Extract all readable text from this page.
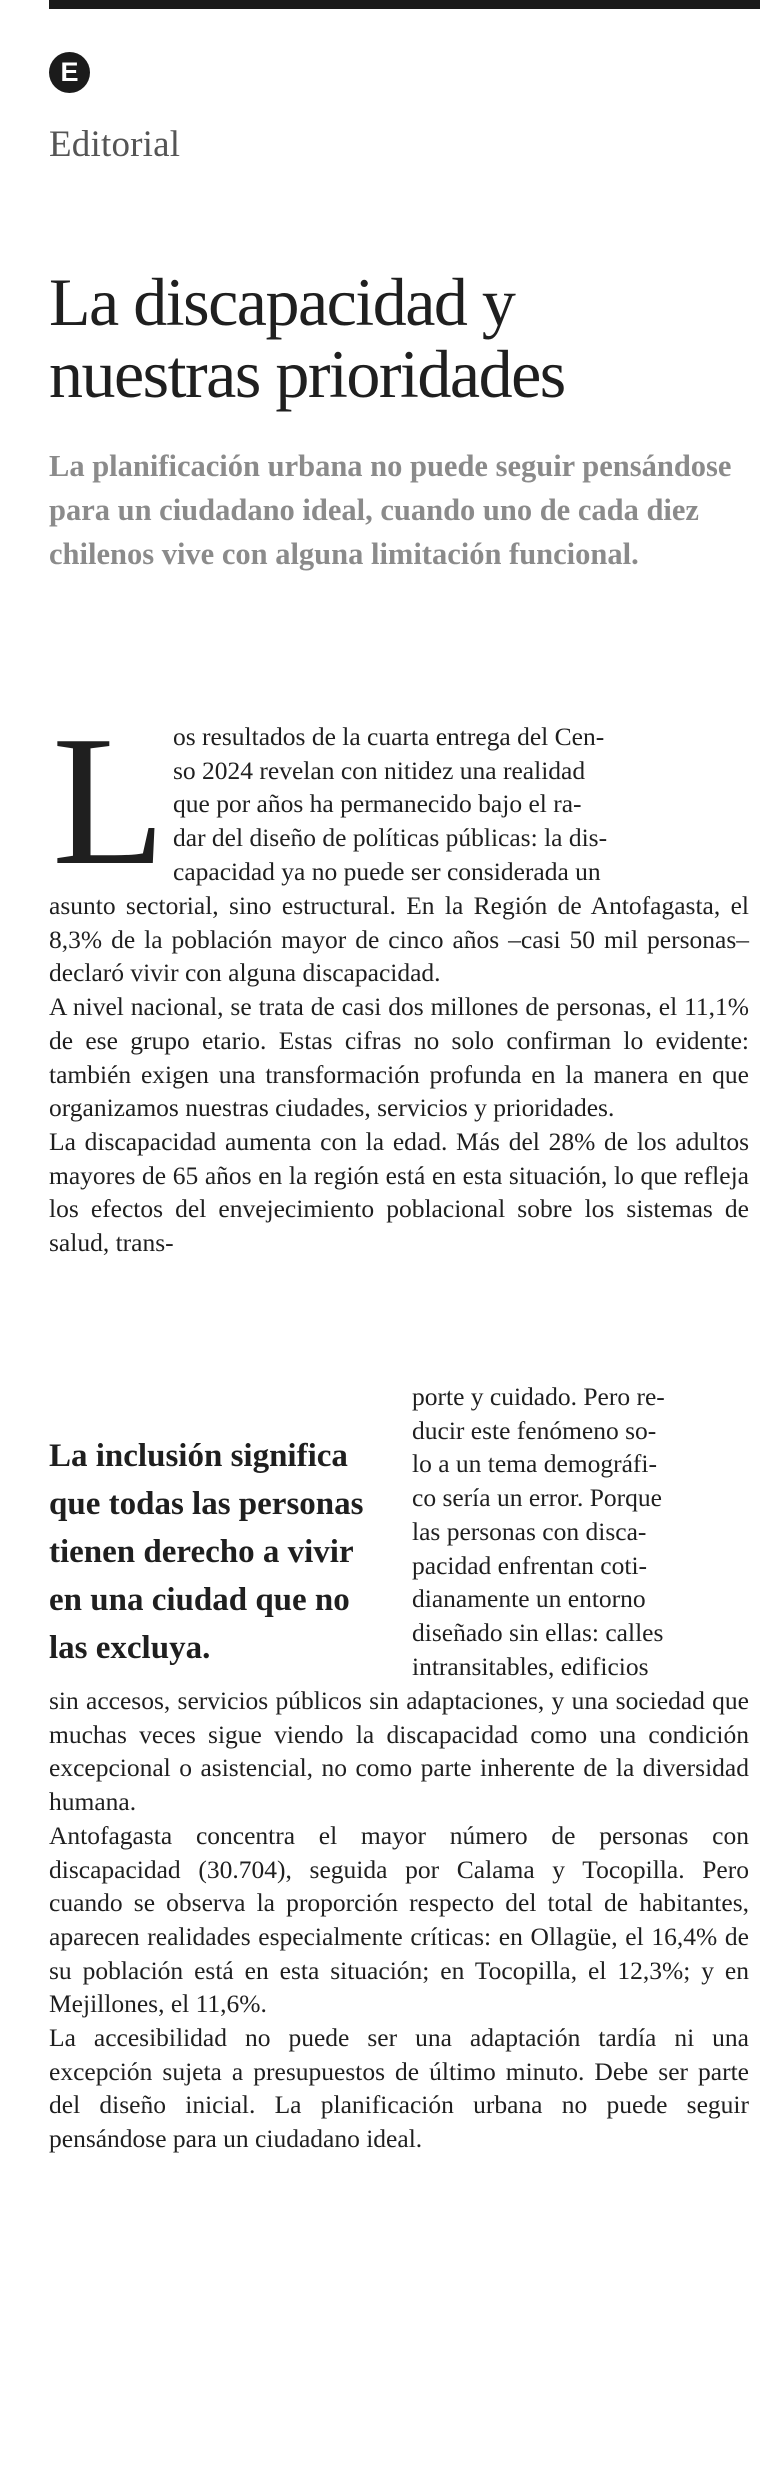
E
Editorial
La discapacidad y
nuestras prioridades
La planificación urbana no puede seguir pensándose para un ciudadano ideal, cuando uno de cada diez chilenos vive con alguna limitación funcional.
L os resultados de la cuarta entrega del Cen-
so 2024 revelan con nitidez una realidad
que por años ha permanecido bajo el ra-
dar del diseño de políticas públicas: la dis-
capacidad ya no puede ser considerada un

asunto sectorial, sino estructural. En la Región de Antofagasta, el 8,3% de la población mayor de cinco años –casi 50 mil personas– declaró vivir con alguna discapacidad.

A nivel nacional, se trata de casi dos millones de personas, el 11,1% de ese grupo etario. Estas cifras no solo confirman lo evidente: también exigen una transformación profunda en la manera en que organizamos nuestras ciudades, servicios y prioridades.

La discapacidad aumenta con la edad. Más del 28% de los adultos mayores de 65 años en la región está en esta situación, lo que refleja los efectos del envejecimiento poblacional sobre los sistemas de salud, trans-

La inclusión significa que todas las personas tienen derecho a vivir en una ciudad que no las excluya.
porte y cuidado. Pero re-
ducir este fenómeno so-
lo a un tema demográfi-
co sería un error. Porque
las personas con disca-
pacidad enfrentan coti-
dianamente un entorno
diseñado sin ellas: calles
intransitables, edificios

sin accesos, servicios públicos sin adaptaciones, y una sociedad que muchas veces sigue viendo la discapacidad como una condición excepcional o asistencial, no como parte inherente de la diversidad humana.

Antofagasta concentra el mayor número de personas con discapacidad (30.704), seguida por Calama y Tocopilla. Pero cuando se observa la proporción respecto del total de habitantes, aparecen realidades especialmente críticas: en Ollagüe, el 16,4% de su población está en esta situación; en Tocopilla, el 12,3%; y en Mejillones, el 11,6%.

La accesibilidad no puede ser una adaptación tardía ni una excepción sujeta a presupuestos de último minuto. Debe ser parte del diseño inicial. La planificación urbana no puede seguir pensándose para un ciudadano ideal.
